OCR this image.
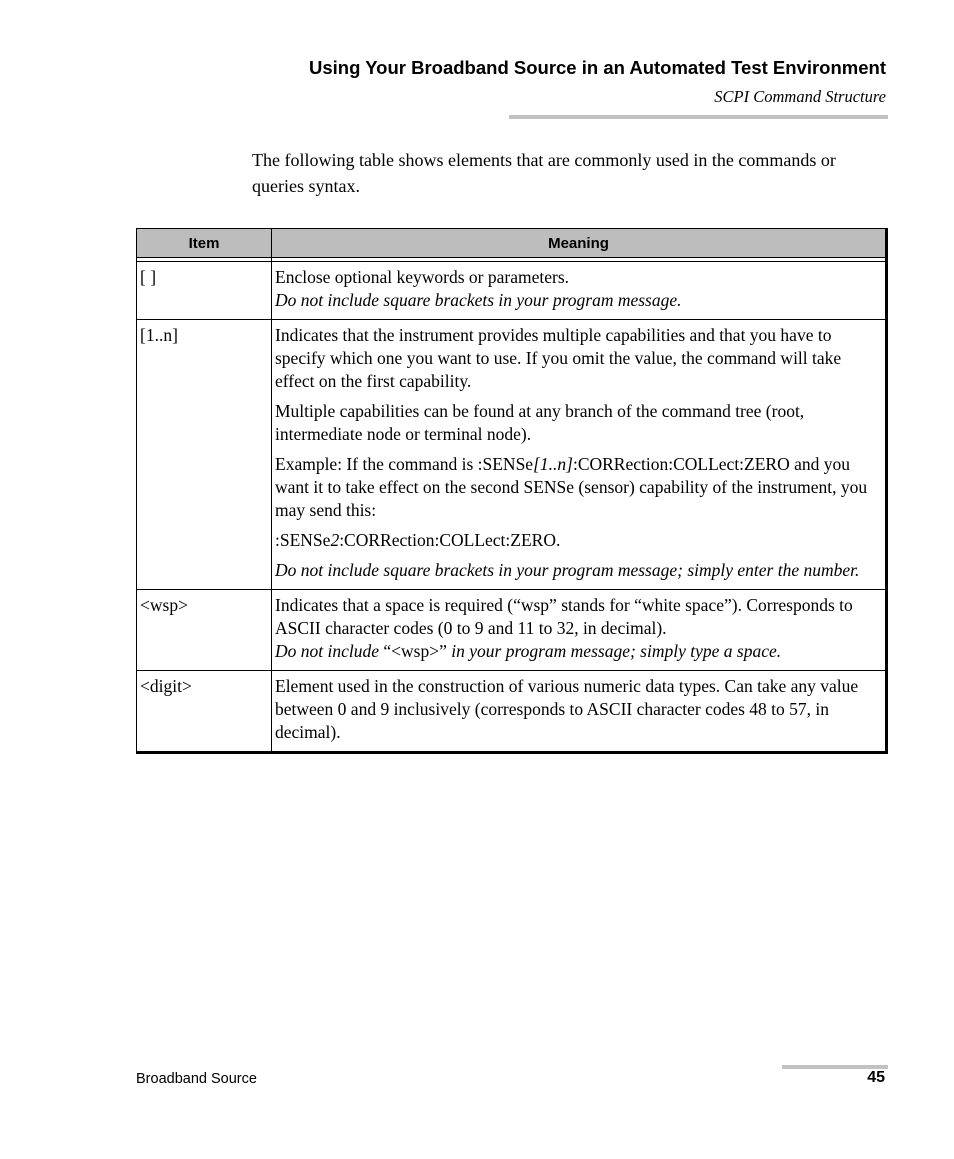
Using Your Broadband Source in an Automated Test Environment
SCPI Command Structure
The following table shows elements that are commonly used in the commands or queries syntax.
Item	Meaning

[ ]	Enclose optional keywords or parameters.
Do not include square brackets in your program message.

[1..n]	Indicates that the instrument provides multiple capabilities and that you have to specify which one you want to use. If you omit the value, the command will take effect on the first capability.

Multiple capabilities can be found at any branch of the command tree (root, intermediate node or terminal node).

Example: If the command is :SENSe[1..n]:CORRection:COLLect:ZERO and you want it to take effect on the second SENSe (sensor) capability of the instrument, you may send this:

:SENSe2:CORRection:COLLect:ZERO.

Do not include square brackets in your program message; simply enter the number.

<wsp>	Indicates that a space is required (“wsp” stands for “white space”). Corresponds to ASCII character codes (0 to 9 and 11 to 32, in decimal).
Do not include “<wsp>” in your program message; simply type a space.

<digit>	Element used in the construction of various numeric data types. Can take any value between 0 and 9 inclusively (corresponds to ASCII character codes 48 to 57, in decimal).
Broadband Source	45
